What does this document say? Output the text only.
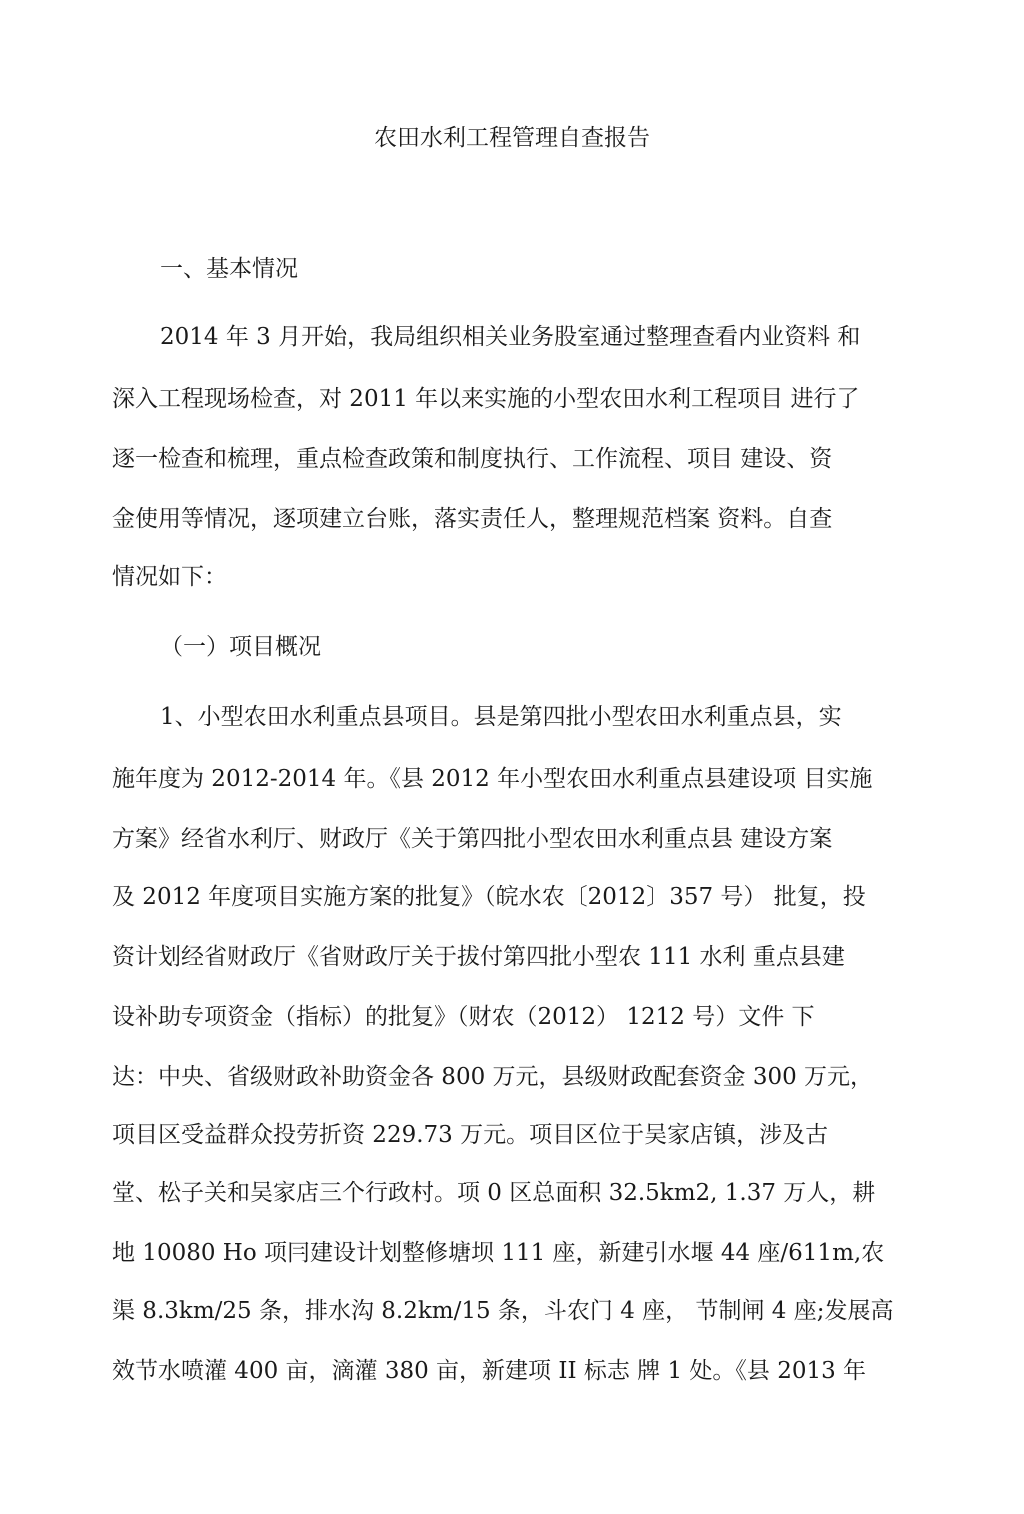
农田水利工程管理自查报告
一、基本情况
2014 年 3 月开始，我局组织相关业务股室通过整理查看内业资料 和
深入工程现场检查，对 2011 年以来实施的小型农田水利工程项目 进行了
逐一检查和梳理，重点检查政策和制度执行、工作流程、项目 建设、资
金使用等情况，逐项建立台账，落实责任人，整理规范档案 资料。自查
情况如下：
（一）项目概况
1、小型农田水利重点县项目。县是第四批小型农田水利重点县，实
施年度为 2012-2014 年。《县 2012 年小型农田水利重点县建设项 目实施
方案》经省水利厅、财政厅《关于第四批小型农田水利重点县 建设方案
及 2012 年度项目实施方案的批复》（皖水农〔2012〕357 号） 批复，投
资计划经省财政厅《省财政厅关于拔付第四批小型农 111 水利 重点县建
设补助专项资金（指标）的批复》（财农（2012） 1212 号）文件 下
达：中央、省级财政补助资金各 800 万元，县级财政配套资金 300 万元，
项目区受益群众投劳折资 229.73 万元。项目区位于吴家店镇，涉及古
堂、松子关和吴家店三个行政村。项 0 区总面积 32.5km2, 1.37 万人，耕
地 10080 Ho 项冃建设计划整修塘坝 111 座，新建引水堰 44 座/611m,农
渠 8.3km/25 条，排水沟 8.2km/15 条，斗农门 4 座， 节制闸 4 座;发展高
效节水喷灌 400 亩，滴灌 380 亩，新建项 II 标志 牌 1 处。《县 2013 年
